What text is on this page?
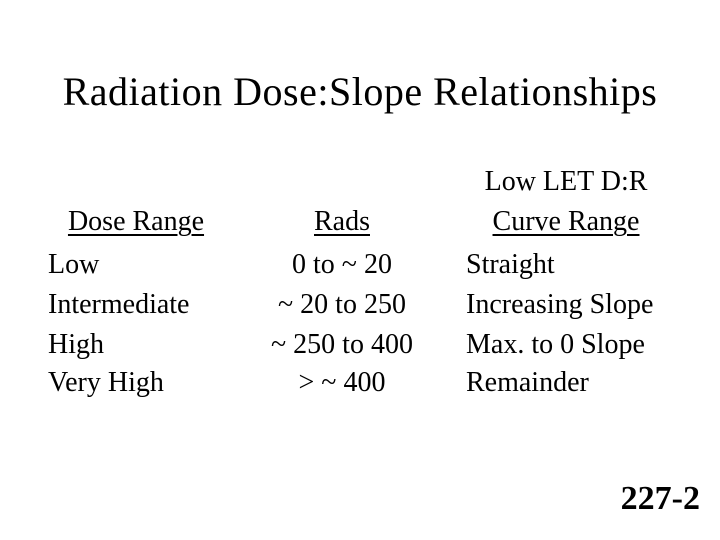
Radiation Dose:Slope Relationships
Low LET D:R
Dose Range	Rads	Curve Range
Low	0 to ~ 20	Straight
Intermediate	~ 20 to 250	Increasing Slope
High	~ 250 to 400	Max. to 0 Slope
Very High	> ~ 400	Remainder
227-2
